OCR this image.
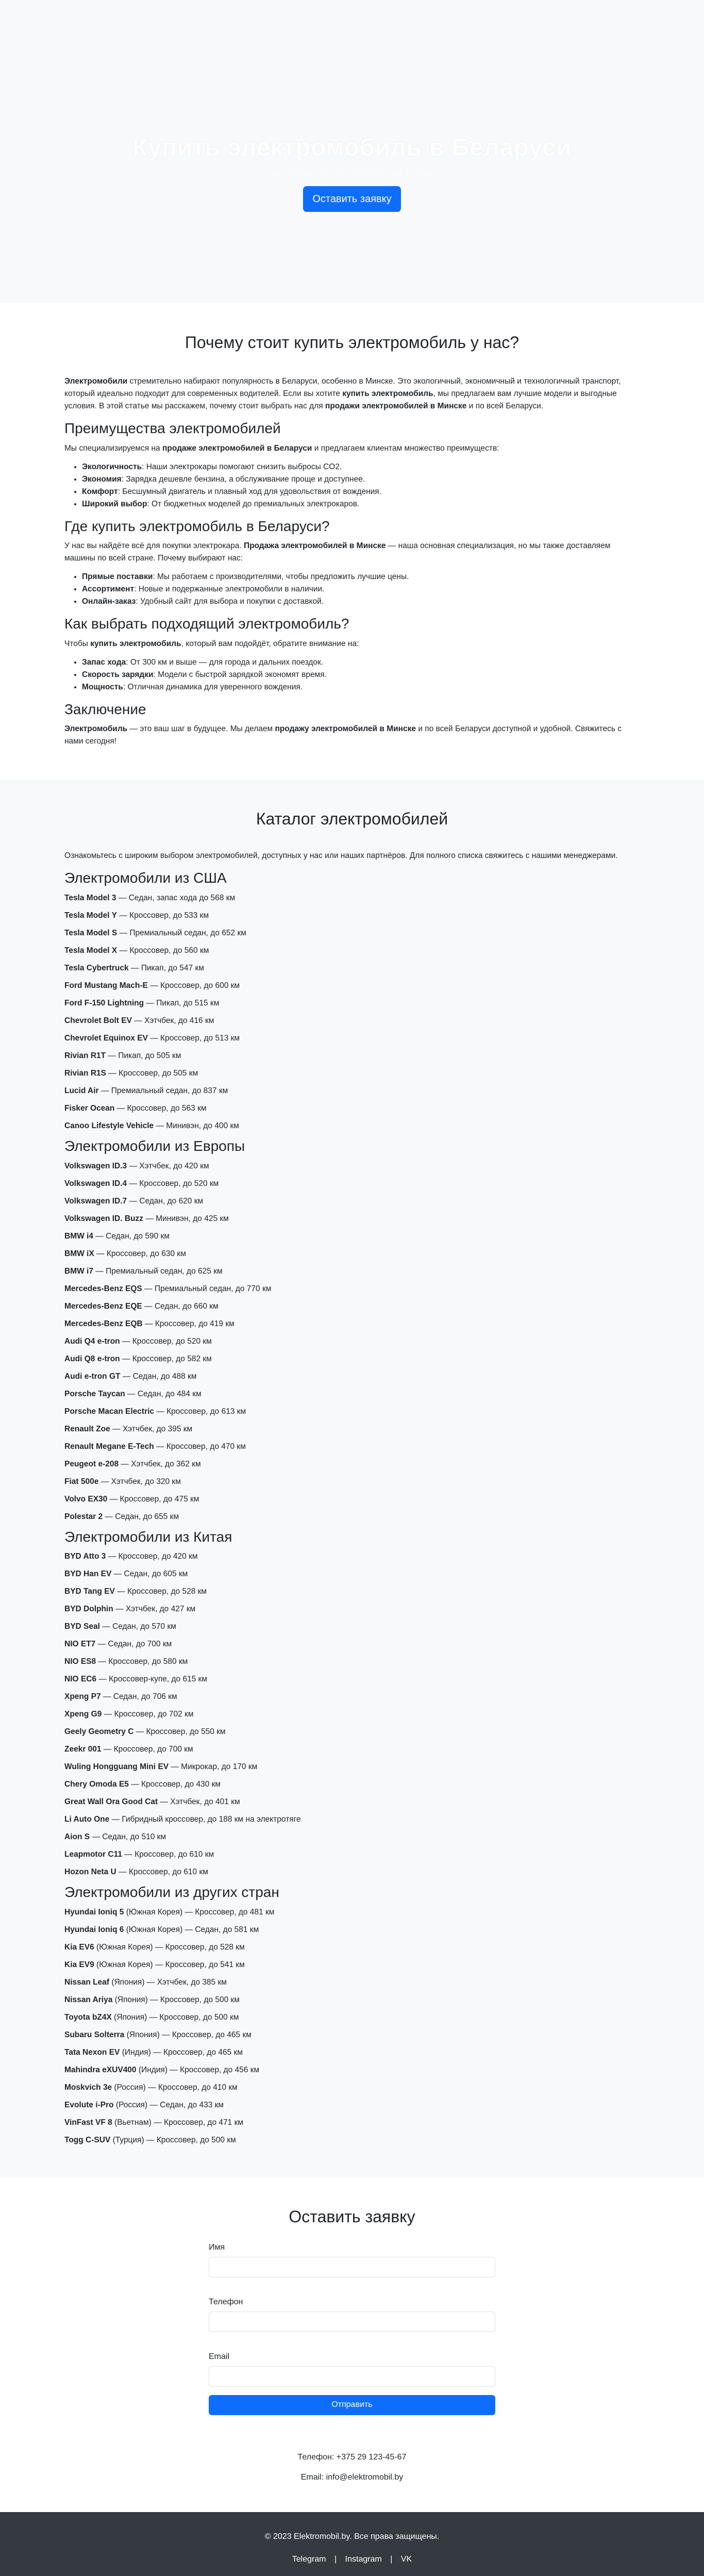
Купить электромобиль в Беларуси

Широкий выбор электромобилей в Минске

Оставить заявку
Почему стоит купить электромобиль у нас?

Электромобили стремительно набирают популярность в Беларуси, особенно в Минске. Это экологичный, экономичный и технологичный транспорт, который идеально подходит для современных водителей. Если вы хотите купить электромобиль, мы предлагаем вам лучшие модели и выгодные условия. В этой статье мы расскажем, почему стоит выбрать нас для продажи электромобилей в Минске и по всей Беларуси.

Преимущества электромобилей

Мы специализируемся на продаже электромобилей в Беларуси и предлагаем клиентам множество преимуществ:

• Экологичность: Наши электрокары помогают снизить выбросы CO2.
• Экономия: Зарядка дешевле бензина, а обслуживание проще и доступнее.
• Комфорт: Бесшумный двигатель и плавный ход для удовольствия от вождения.
• Широкий выбор: От бюджетных моделей до премиальных электрокаров.
Где купить электромобиль в Беларуси?

У нас вы найдёте всё для покупки электрокара. Продажа электромобилей в Минске — наша основная специализация, но мы также доставляем машины по всей стране. Почему выбирают нас:

• Прямые поставки: Мы работаем с производителями, чтобы предложить лучшие цены.
• Ассортимент: Новые и подержанные электромобили в наличии.
• Онлайн-заказ: Удобный сайт для выбора и покупки с доставкой.
Как выбрать подходящий электромобиль?

Чтобы купить электромобиль, который вам подойдёт, обратите внимание на:

• Запас хода: От 300 км и выше — для города и дальних поездок.
• Скорость зарядки: Модели с быстрой зарядкой экономят время.
• Мощность: Отличная динамика для уверенного вождения.
Заключение

Электромобиль — это ваш шаг в будущее. Мы делаем продажу электромобилей в Минске и по всей Беларуси доступной и удобной. Свяжитесь с нами сегодня!

Каталог электромобилей

Ознакомьтесь с широким выбором электромобилей, доступных у нас или наших партнёров. Для полного списка свяжитесь с нашими менеджерами.

Электромобили из США
Tesla Model 3 — Седан, запас хода до 568 км
Tesla Model Y — Кроссовер, до 533 км
Tesla Model S — Премиальный седан, до 652 км
Tesla Model X — Кроссовер, до 560 км
Tesla Cybertruck — Пикап, до 547 км
Ford Mustang Mach-E — Кроссовер, до 600 км
Ford F-150 Lightning — Пикап, до 515 км
Chevrolet Bolt EV — Хэтчбек, до 416 км
Chevrolet Equinox EV — Кроссовер, до 513 км
Rivian R1T — Пикап, до 505 км
Rivian R1S — Кроссовер, до 505 км
Lucid Air — Премиальный седан, до 837 км
Fisker Ocean — Кроссовер, до 563 км
Canoo Lifestyle Vehicle — Минивэн, до 400 км
Электромобили из Европы
Volkswagen ID.3 — Хэтчбек, до 420 км
Volkswagen ID.4 — Кроссовер, до 520 км
Volkswagen ID.7 — Седан, до 620 км
Volkswagen ID. Buzz — Минивэн, до 425 км
BMW i4 — Седан, до 590 км
BMW iX — Кроссовер, до 630 км
BMW i7 — Премиальный седан, до 625 км
Mercedes-Benz EQS — Премиальный седан, до 770 км
Mercedes-Benz EQE — Седан, до 660 км
Mercedes-Benz EQB — Кроссовер, до 419 км
Audi Q4 e-tron — Кроссовер, до 520 км
Audi Q8 e-tron — Кроссовер, до 582 км
Audi e-tron GT — Седан, до 488 км
Porsche Taycan — Седан, до 484 км
Porsche Macan Electric — Кроссовер, до 613 км
Renault Zoe — Хэтчбек, до 395 км
Renault Megane E-Tech — Кроссовер, до 470 км
Peugeot e-208 — Хэтчбек, до 362 км
Fiat 500e — Хэтчбек, до 320 км
Volvo EX30 — Кроссовер, до 475 км
Polestar 2 — Седан, до 655 км
Электромобили из Китая
BYD Atto 3 — Кроссовер, до 420 км
BYD Han EV — Седан, до 605 км
BYD Tang EV — Кроссовер, до 528 км
BYD Dolphin — Хэтчбек, до 427 км
BYD Seal — Седан, до 570 км
NIO ET7 — Седан, до 700 км
NIO ES8 — Кроссовер, до 580 км
NIO EC6 — Кроссовер-купе, до 615 км
Xpeng P7 — Седан, до 706 км
Xpeng G9 — Кроссовер, до 702 км
Geely Geometry C — Кроссовер, до 550 км
Zeekr 001 — Кроссовер, до 700 км
Wuling Hongguang Mini EV — Микрокар, до 170 км
Chery Omoda E5 — Кроссовер, до 430 км
Great Wall Ora Good Cat — Хэтчбек, до 401 км
Li Auto One — Гибридный кроссовер, до 188 км на электротяге
Aion S — Седан, до 510 км
Leapmotor C11 — Кроссовер, до 610 км
Hozon Neta U — Кроссовер, до 610 км
Электромобили из других стран
Hyundai Ioniq 5 (Южная Корея) — Кроссовер, до 481 км
Hyundai Ioniq 6 (Южная Корея) — Седан, до 581 км
Kia EV6 (Южная Корея) — Кроссовер, до 528 км
Kia EV9 (Южная Корея) — Кроссовер, до 541 км
Nissan Leaf (Япония) — Хэтчбек, до 385 км
Nissan Ariya (Япония) — Кроссовер, до 500 км
Toyota bZ4X (Япония) — Кроссовер, до 500 км
Subaru Solterra (Япония) — Кроссовер, до 465 км
Tata Nexon EV (Индия) — Кроссовер, до 465 км
Mahindra eXUV400 (Индия) — Кроссовер, до 456 км
Moskvich 3e (Россия) — Кроссовер, до 410 км
Evolute i-Pro (Россия) — Седан, до 433 км
VinFast VF 8 (Вьетнам) — Кроссовер, до 471 км
Togg C-SUV (Турция) — Кроссовер, до 500 км
Оставить заявку
Имя
Телефон
Email
Отправить
Телефон: +375 29 123-45-67
Email: info@elektromobil.by
© 2023 Elektromobil.by. Все права защищены.
Telegram | Instagram | VK
